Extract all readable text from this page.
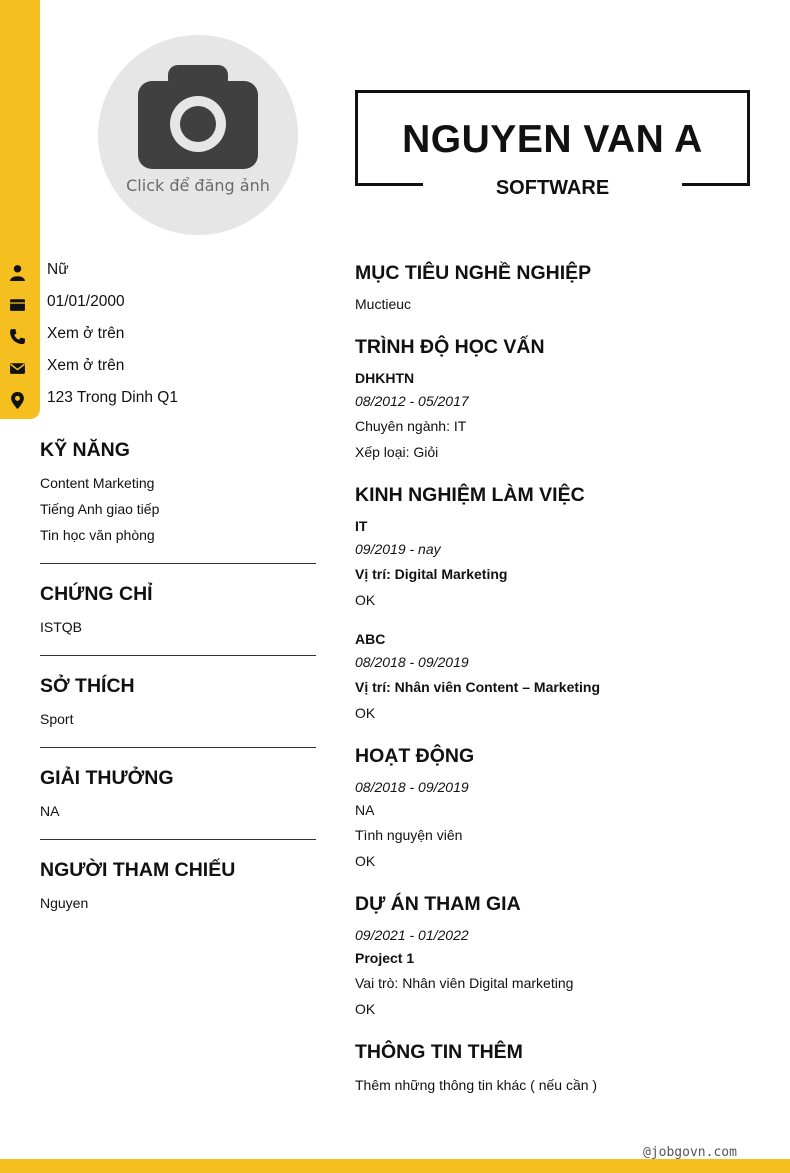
Click để đăng ảnh
NGUYEN VAN A
SOFTWARE
Nữ
01/01/2000
Xem ở trên
Xem ở trên
123 Trong Dinh Q1
KỸ NĂNG
Content Marketing
Tiếng Anh giao tiếp
Tin học văn phòng
CHỨNG CHỈ
ISTQB
SỞ THÍCH
Sport
GIẢI THƯỞNG
NA
NGƯỜI THAM CHIẾU
Nguyen
MỤC TIÊU NGHỀ NGHIỆP
Muctieuc
TRÌNH ĐỘ HỌC VẤN
DHKHTN
08/2012 - 05/2017
Chuyên ngành: IT
Xếp loại: Giỏi
KINH NGHIỆM LÀM VIỆC
IT
09/2019 - nay
Vị trí: Digital Marketing
OK
ABC
08/2018 - 09/2019
Vị trí: Nhân viên Content – Marketing
OK
HOẠT ĐỘNG
08/2018 - 09/2019
NA
Tình nguyện viên
OK
DỰ ÁN THAM GIA
09/2021 - 01/2022
Project 1
Vai trò: Nhân viên Digital marketing
OK
THÔNG TIN THÊM
Thêm những thông tin khác ( nếu cần )
@jobgovn.com
